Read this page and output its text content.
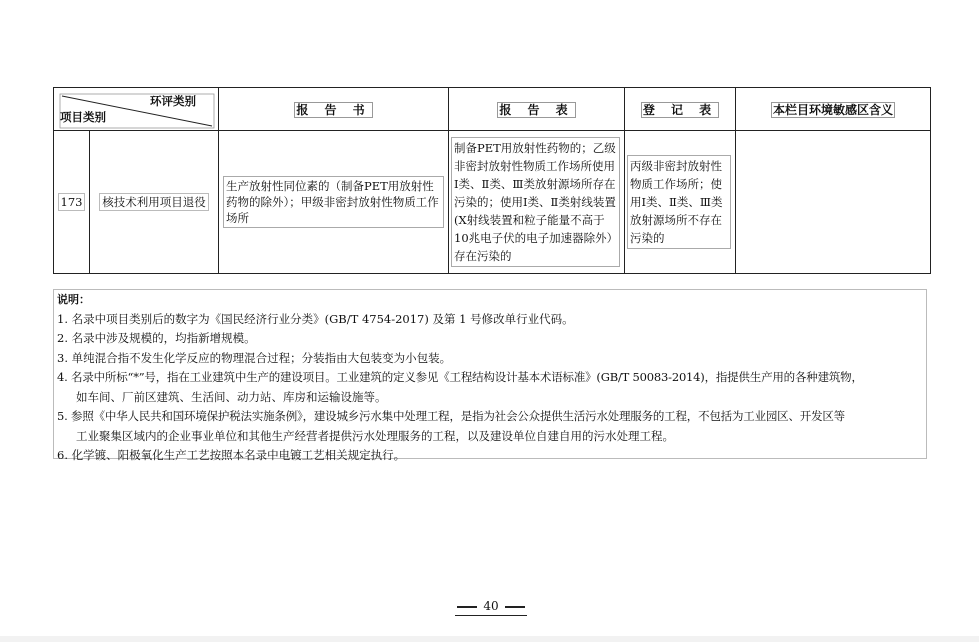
环评类别
项目类别		报 告 书	报 告 表	登 记 表	本栏目环境敏感区含义
173	核技术利用项目退役	生产放射性同位素的（制备PET用放射性药物的除外）；甲级非密封放射性物质工作场所	制备PET用放射性药物的；乙级非密封放射性物质工作场所使用Ⅰ类、Ⅱ类、Ⅲ类放射源场所存在污染的；使用Ⅰ类、Ⅱ类射线装置(X射线装置和粒子能量不高于10兆电子伏的电子加速器除外）存在污染的	丙级非密封放射性物质工作场所；使用Ⅰ类、Ⅱ类、Ⅲ类放射源场所不存在污染的	

说明：
1. 名录中项目类别后的数字为《国民经济行业分类》(GB/T 4754-2017) 及第 1 号修改单行业代码。
2. 名录中涉及规模的，均指新增规模。
3. 单纯混合指不发生化学反应的物理混合过程；分装指由大包装变为小包装。
4. 名录中所标“*”号，指在工业建筑中生产的建设项目。工业建筑的定义参见《工程结构设计基本术语标准》(GB/T 50083-2014)，指提供生产用的各种建筑物，
如车间、厂前区建筑、生活间、动力站、库房和运输设施等。
5. 参照《中华人民共和国环境保护税法实施条例》，建设城乡污水集中处理工程，是指为社会公众提供生活污水处理服务的工程，不包括为工业园区、开发区等
工业聚集区域内的企业事业单位和其他生产经营者提供污水处理服务的工程，以及建设单位自建自用的污水处理工程。
6. 化学镀、阳极氧化生产工艺按照本名录中电镀工艺相关规定执行。
40
